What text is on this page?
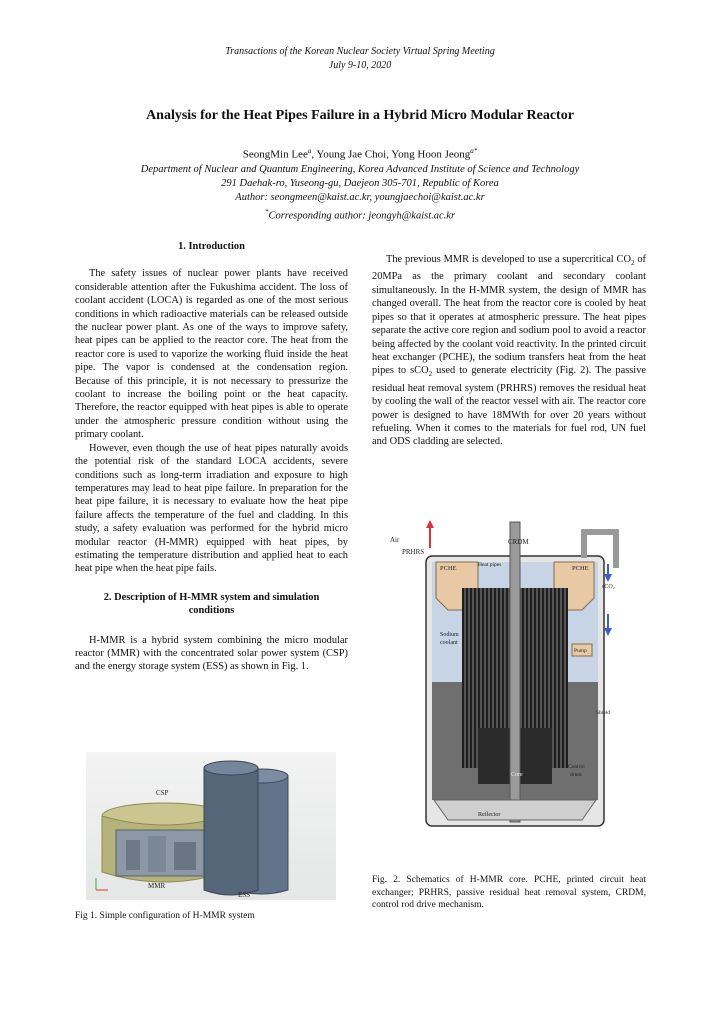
Transactions of the Korean Nuclear Society Virtual Spring Meeting
July 9-10, 2020
Analysis for the Heat Pipes Failure in a Hybrid Micro Modular Reactor
SeongMin Lee$^a$, Young Jae Choi, Yong Hoon Jeong$^{a*}$
Department of Nuclear and Quantum Engineering, Korea Advanced Institute of Science and Technology
291 Daehak-ro, Yuseong-gu, Daejeon 305-701, Republic of Korea
Author: seongmeen@kaist.ac.kr, youngjaechoi@kaist.ac.kr
*Corresponding author: jeongyh@kaist.ac.kr
1. Introduction

The safety issues of nuclear power plants have received considerable attention after the Fukushima accident. The loss of coolant accident (LOCA) is regarded as one of the most serious conditions in which radioactive materials can be released outside the nuclear power plant. As one of the ways to improve safety, heat pipes can be applied to the reactor core. The heat from the reactor core is used to vaporize the working fluid inside the heat pipe. The vapor is condensed at the condensation region. Because of this principle, it is not necessary to pressurize the coolant to increase the boiling point or the heat capacity. Therefore, the reactor equipped with heat pipes is able to operate under the atmospheric pressure condition without using the primary coolant.

However, even though the use of heat pipes naturally avoids the potential risk of the standard LOCA accidents, severe conditions such as long-term irradiation and exposure to high temperatures may lead to heat pipe failure. In preparation for the heat pipe failure, it is necessary to evaluate how the heat pipe failure affects the temperature of the fuel and cladding. In this study, a safety evaluation was performed for the hybrid micro modular reactor (H-MMR) equipped with heat pipes, by estimating the temperature distribution and applied heat to each heat pipe when the heat pipe fails.

2. Description of H-MMR system and simulation
conditions

H-MMR is a hybrid system combining the micro modular reactor (MMR) with the concentrated solar power system (CSP) and the energy storage system (ESS) as shown in Fig. 1.

The previous MMR is developed to use a supercritical $CO_2$ of 20MPa as the primary coolant and secondary coolant simultaneously. In the H-MMR system, the design of MMR has changed overall. The heat from the reactor core is cooled by heat pipes so that it operates at atmospheric pressure. The heat pipes separate the active core region and sodium pool to avoid a reactor being affected by the coolant void reactivity. In the printed circuit heat exchanger (PCHE), the sodium transfers heat from the heat pipes to sCO$_2$ used to generate electricity (Fig. 2). The passive residual heat removal system (PRHRS) removes the residual heat by cooling the wall of the reactor vessel with air. The reactor core power is designed to have 18MWth for over 20 years without refueling. When it comes to the materials for fuel rod, UN fuel and ODS cladding are selected.

CSP
MMR
ESS
Fig 1. Simple configuration of H-MMR system
Air
PRHRS
CRDM
PCHE	PCHE
Heat pipes
sCO₂
Sodium
coolant
Pump
Shield
Control
drum
Core
Reflector
Fig. 2. Schematics of H-MMR core. PCHE, printed circuit heat exchanger; PRHRS, passive residual heat removal system, CRDM, control rod drive mechanism.
